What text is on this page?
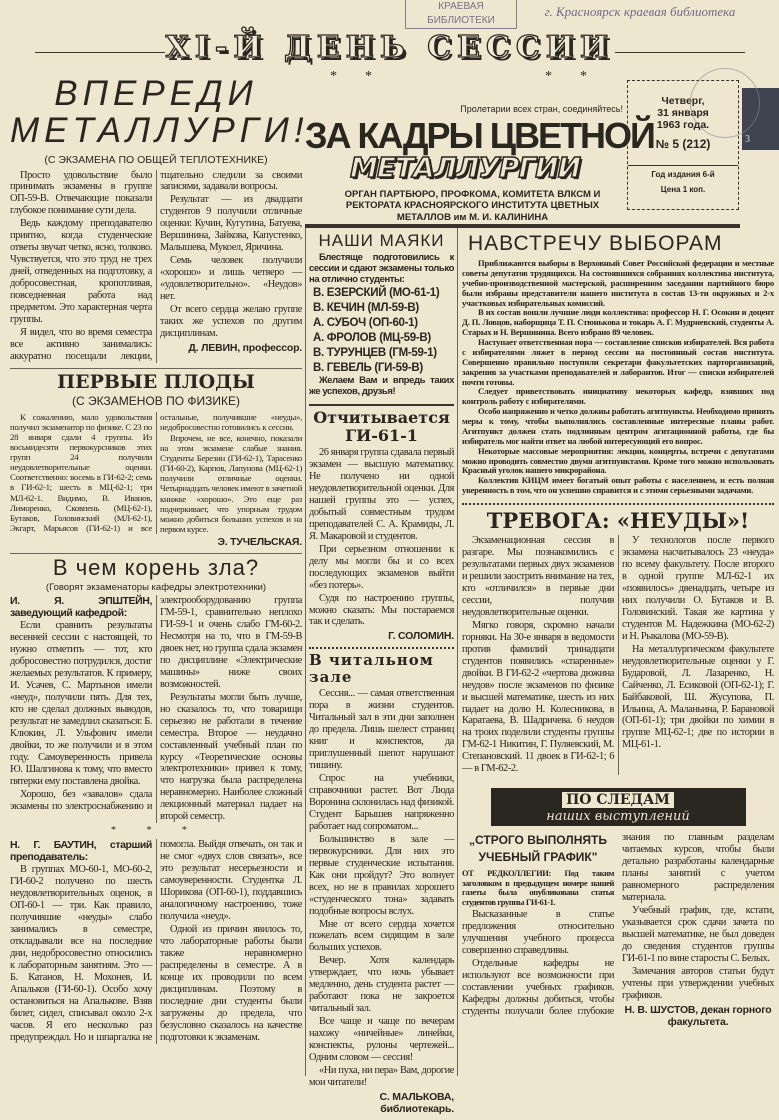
КРАЕВАЯ
БИБЛИОТЕКИ
г. Красноярск краевая библиотека
ХI-Й ДЕНЬ СЕССИИ
**	**
Пролетарии всех стран, соединяйтесь!
ЗА КАДРЫ ЦВЕТНОЙ
МЕТАЛЛУРГИИ
ОРГАН ПАРТБЮРО, ПРОФКОМА, КОМИТЕТА ВЛКСМ И РЕКТОРАТА КРАСНОЯРСКОГО ИНСТИТУТА ЦВЕТНЫХ МЕТАЛЛОВ им М. И. КАЛИНИНА
Четверг,
31 января
1963 года.
№ 5 (212)
Год издания 6-й
Цена 1 коп.
3
ВПЕРЕДИ МЕТАЛЛУРГИ!
(С ЭКЗАМЕНА ПО ОБЩЕЙ ТЕПЛОТЕХНИКЕ)

Просто удовольствие было принимать экзамены в группе ОП-59-В. Отвечающие показали глубокое понимание сути дела.

Ведь каждому преподавателю приятно, когда студенческие ответы звучат четко, ясно, толково. Чувствуется, что это труд не трех дней, отведенных на подготовку, а добросовестная, кропотливая, повседневная работа над предметом. Это характерная черта группы.

Я видел, что во время семестра все активно занимались: аккуратно посещали лекции, тщательно следили за своими записями, задавали вопросы.

Результат — из двадцати студентов 9 получили отличные оценки: Кучин, Кугутина, Батуева, Вершинина, Зайкова, Капустенко, Малышева, Мукоел, Яричина.

Семь человек получили «хорошо» и лишь четверо — «удовлетворительно». «Неудов» нет.

От всего сердца желаю группе таких же успехов по другим дисциплинам.

Д. ЛЕВИН, профессор.
ПЕРВЫЕ ПЛОДЫ
(С ЭКЗАМЕНОВ ПО ФИЗИКЕ)

К сожалению, мало удовольствия получил экзаменатор по физике. С 23 по 28 января сдали 4 группы. Из восьмидесяти первокурсников этих групп 24 получили неудовлетворительные оценки. Соответственно: восемь в ГИ-62-2; семь в ГИ-62-1; шесть в МЦ-62-1; три МЛ-62-1. Видимо, В. Иванов, Лиморенко, Сковпень (МЦ-62-1), Бутаков, Головинский (МЛ-62-1), Экгарт, Марьясов (ГИ-62-1) и все остальные, получившие «неуды», недобросовестно готовились к сессии.

Впрочем, не все, конечно, показали на этом экзамене слабые знания. Студенты Березин (ГИ-62-1), Тарасенко (ГИ-60-2), Карпов, Лапунова (МЦ-62-1) получили отличные оценки. Четырнадцать человек имеют в зачетной книжке «хорошо». Это еще раз подчеркивает, что упорным трудом можно добиться больших успехов и на первом курсе.

Э. ТУЧЕЛЬСКАЯ.
В чем корень зла?
(Говорят экзаменаторы кафедры электротехники)

И. Я. ЭПШТЕЙН, заведующий кафедрой:

Если сравнить результаты весенней сессии с настоящей, то нужно отметить — тот, кто добросовестно потрудился, достиг желаемых результатов. К примеру, И. Усачев, С. Мартынов имели «неуд», получили пять. Для тех, кто не сделал должных выводов, результат не замедлил сказаться: Б. Клюкин, Л. Ульфович имели двойки, то же получили и в этом году. Самоуверенность привела Ю. Шалгинова к тому, что вместо пятерки ему поставлена двойка.

Хорошо, без «завалов» сдала экзамены по электроснабжению и электрооборудованию группа ГМ-59-1, сравнительно неплохо ГИ-59-1 и очень слабо ГМ-60-2. Несмотря на то, что в ГМ-59-В двоек нет, но группа сдала экзамен по дисциплине «Электрические машины» ниже своих возможностей.

Результаты могли быть лучше, но сказалось то, что товарищи серьезно не работали в течение семестра. Второе — неудачно составленный учебный план по курсу «Теоретические основы электротехники» привел к тому, что нагрузка была распределена неравномерно. Наиболее сложный лекционный материал падает на второй семестр.

* * *

Н. Г. БАУТИН, старший преподаватель:

В группах МО-60-1, МО-60-2, ГИ-60-2 получено по шесть неудовлетворительных оценок, в ОП-60-1 — три. Как правило, получившие «неуды» слабо занимались в семестре, откладывали все на последние дни, недобросовестно относились к лабораторным занятиям. Это — Б. Катанов, Н. Мохонев, И. Апальков (ГИ-60-1). Особо хочу остановиться на Апалькове. Взяв билет, сидел, списывал около 2-х часов. Я его несколько раз предупреждал. Но и шпаргалка не помогла. Выйдя отвечать, он так и не смог «двух слов связать», все это результат несерьезности и самоуверенности. Студентка Л. Шорикова (ОП-60-1), поддавшись аналогичному настроению, тоже получила «неуд».

Одной из причин явилось то, что лабораторные работы были также неравномерно распределены в семестре. А в конце их проводили по всем дисциплинам. Поэтому в последние дни студенты были загружены до предела, что безусловно сказалось на качестве подготовки к экзаменам.

НАШИ МАЯКИ

Блестяще подготовились к сессии и сдают экзамены только на отлично студенты:

В. ЕЗЕРСКИЙ (МО-61-1)
В. КЕЧИН (МЛ-59-В)
А. СУБОЧ (ОП-60-1)
А. ФРОЛОВ (МЦ-59-В)
В. ТУРУНЦЕВ (ГМ-59-1)
В. ГЕВЕЛЬ (ГИ-59-В)

Желаем Вам и впредь таких же успехов, друзья!

Отчитывается ГИ-61-1

26 января группа сдавала первый экзамен — высшую математику. Не получено ни одной неудовлетворительной оценки. Для нашей группы это — успех, добытый совместным трудом преподавателей С. А. Крамиды, Л. Я. Макаровой и студентов.

При серьезном отношении к делу мы могли бы и со всех последующих экзаменов выйти «без потерь».

Судя по настроению группы, можно сказать: Мы постараемся так и сделать.

Г. СОЛОМИН.
В читальном зале

Сессия... — самая ответственная пора в жизни студентов. Читальный зал в эти дни заполнен до предела. Лишь шелест страниц книг и конспектов, да приглушенный шепот нарушают тишину.

Спрос на учебники, справочники растет. Вот Люда Воронина склонилась над физикой. Студент Барышев напряженно работает над сопроматом...

Большинство в зале — первокурсники. Для них это первые студенческие испытания. Как они пройдут? Это волнует всех, но не в правилах хорошего «студенческого тона» задавать подобные вопросы вслух.

Мне от всего сердца хочется пожелать всем сидящим в зале больших успехов.

Вечер. Хотя календарь утверждает, что ночь убывает медленно, день студента растет — работают пока не закроется читальный зал.

Все чаще и чаще по вечерам нахожу «ничейные» линейки, конспекты, рулоны чертежей... Одним словом — сессия!

«Ни пуха, ни пера» Вам, дорогие мои читатели!

С. МАЛЬКОВА,
библиотекарь.
НАВСТРЕЧУ ВЫБОРАМ

Приближаются выборы в Верховный Совет Российской федерации и местные советы депутатов трудящихся. На состоявшихся собраниях коллектива института, учебно-производственной мастерской, расширенном заседании партийного бюро были избраны представители нашего института в состав 13-ти окружных и 2-х участковых избирательных комиссий.

В их состав вошли лучшие люди коллектива: профессор Н. Г. Осокин и доцент Д. П. Ловцов, наборщица Т. П. Стюнькова и токарь А. Г. Мудриевский, студенты А. Старых и Н. Вершинина. Всего избрано 89 человек.

Наступает ответственная пора — составление списков избирателей. Вся работа с избирателями ляжет в период сессии на постоянный состав института. Совершенно правильно поступили секретари факультетских парторганизаций, закрепив за участками преподавателей и лаборантов. Итог — списки избирателей почти готовы.

Следует приветствовать инициативу некоторых кафедр, взявших под контроль работу с избирателями.

Особо напряженно и четко должны работать агитпункты. Необходимо принять меры к тому, чтобы выполнялись составленные интересные планы работ. Агитпункт должен стать подлинным центром агитационной работы, где бы избиратель мог найти ответ на любой интересующий его вопрос.

Некоторые массовые мероприятия: лекции, концерты, встречи с депутатами можно проводить совместно двумя агитпунктами. Кроме того можно использовать Красный уголок нашего микрорайона.

Коллектив КИЦМ имеет богатый опыт работы с населением, и есть полная уверенность в том, что он успешно справится и с этими серьезными задачами.

ТРЕВОГА: «НЕУДЫ»!

Экзаменационная сессия в разгаре. Мы познакомились с результатами первых двух экзаменов и решили заострить внимание на тех, кто «отличился» в первые дни сессии, получив неудовлетворительные оценки.

Мягко говоря, скромно начали горняки. На 30-е января в ведомости против фамилий тринадцати студентов появились «спаренные» двойки. В ГИ-62-2 «чертова дюжина неудов» после экзаменов по физике и высшей математике, шесть из них падает на долю Н. Колесникова, в Каратаева, В. Шадричева. 6 неудов на троих поделили студенты группы ГМ-62-1 Никитин, Г. Пуляевский, М. Степановский. 11 двоек в ГИ-62-1; 6 — в ГМ-62-2.

У технологов после первого экзамена насчитывалось 23 «неуда» по всему факультету. После второго в одной группе МЛ-62-1 их «появилось» двенадцать, четыре из них получили О. Бутаков и В. Головинский. Такая же картина у студентов М. Надежкина (МО-62-2) и Н. Рыкалова (МО-59-В).

На металлургическом факультете неудовлетворительные оценки у Г. Бударовой, Л. Лазаренко, Н. Сайченко, Л. Есиковой (ОП-62-1); Г. Байбаковой, Ш. Жусупова, П. Ильина, А. Маланьина, Р. Барановой (ОП-61-1); три двойки по химии в группе МЦ-62-1; две по истории в МЦ-61-1.

ПО СЛЕДАМ
наших выступлений
„СТРОГО ВЫПОЛНЯТЬ УЧЕБНЫЙ ГРАФИК"

ОТ РЕДКОЛЛЕГИИ: Под таким заголовком в предыдущем номере нашей газеты была опубликована статья студентов группы ГИ-61-1.

Высказанные в статье предложения относительно улучшения учебного процесса совершенно справедливы.

Отдельные кафедры не используют все возможности при составлении учебных графиков. Кафедры должны добиться, чтобы студенты получали более глубокие знания по главным разделам читаемых курсов, чтобы были детально разработаны календарные планы занятий с учетом равномерного распределения материала.

Учебный график, где, кстати, указывается срок сдачи зачета по высшей математике, не был доведен до сведения студентов группы ГИ-61-1 по вине старосты С. Белых.

Замечания авторов статьи будут учтены при утверждении учебных графиков.

Н. В. ШУСТОВ, декан горного факультета.
